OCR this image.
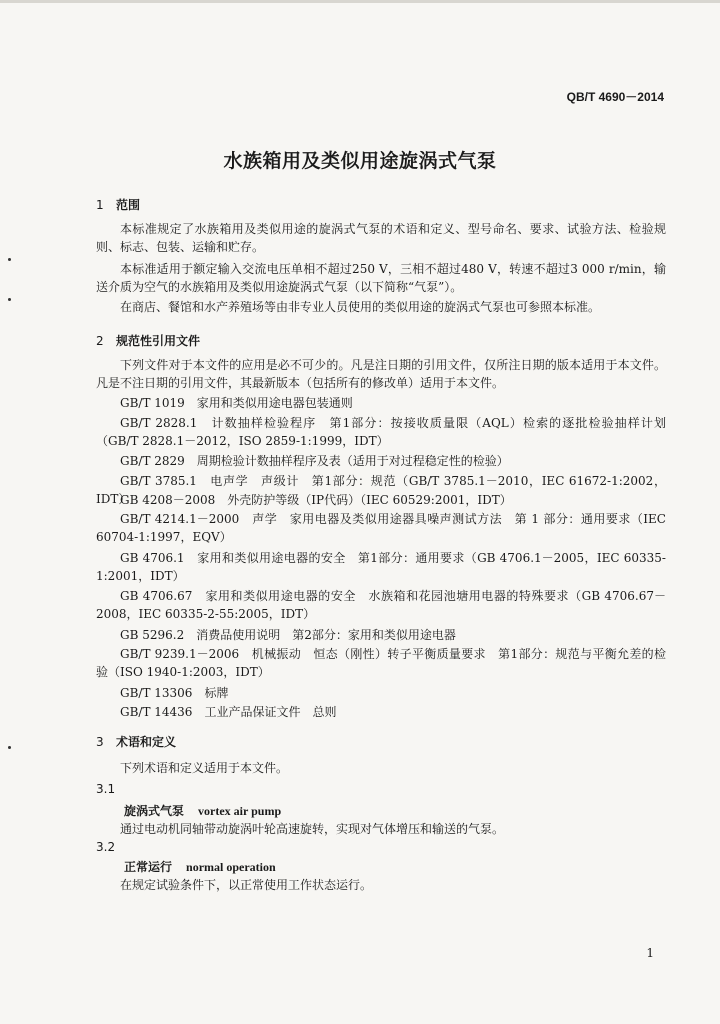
QB/T 4690－2014
水族箱用及类似用途旋涡式气泵
1 范围
本标准规定了水族箱用及类似用途的旋涡式气泵的术语和定义、型号命名、要求、试验方法、检验规则、标志、包装、运输和贮存。
本标准适用于额定输入交流电压单相不超过250 V，三相不超过480 V，转速不超过3 000 r/min，输送介质为空气的水族箱用及类似用途旋涡式气泵（以下简称“气泵”）。
在商店、餐馆和水产养殖场等由非专业人员使用的类似用途的旋涡式气泵也可参照本标准。
2 规范性引用文件
下列文件对于本文件的应用是必不可少的。凡是注日期的引用文件，仅所注日期的版本适用于本文件。凡是不注日期的引用文件，其最新版本（包括所有的修改单）适用于本文件。
GB/T 1019　家用和类似用途电器包装通则
GB/T 2828.1　计数抽样检验程序　第1部分：按接收质量限（AQL）检索的逐批检验抽样计划（GB/T 2828.1－2012，ISO 2859-1:1999，IDT）
GB/T 2829　周期检验计数抽样程序及表（适用于对过程稳定性的检验）
GB/T 3785.1　电声学　声级计　第1部分：规范（GB/T 3785.1－2010，IEC 61672-1:2002，IDT）
GB 4208－2008　外壳防护等级（IP代码）（IEC 60529:2001，IDT）
GB/T 4214.1－2000　声学　家用电器及类似用途器具噪声测试方法　第 1 部分：通用要求（IEC 60704-1:1997，EQV）
GB 4706.1　家用和类似用途电器的安全　第1部分：通用要求（GB 4706.1－2005，IEC 60335-1:2001，IDT）
GB 4706.67　家用和类似用途电器的安全　水族箱和花园池塘用电器的特殊要求（GB 4706.67－2008，IEC 60335-2-55:2005，IDT）
GB 5296.2　消费品使用说明　第2部分：家用和类似用途电器
GB/T 9239.1－2006　机械振动　恒态（刚性）转子平衡质量要求　第1部分：规范与平衡允差的检验（ISO 1940-1:2003，IDT）
GB/T 13306　标牌
GB/T 14436　工业产品保证文件　总则
3 术语和定义
下列术语和定义适用于本文件。
3.1
旋涡式气泵 vortex air pump
通过电动机同轴带动旋涡叶轮高速旋转，实现对气体增压和输送的气泵。
3.2
正常运行 normal operation
在规定试验条件下，以正常使用工作状态运行。
1
